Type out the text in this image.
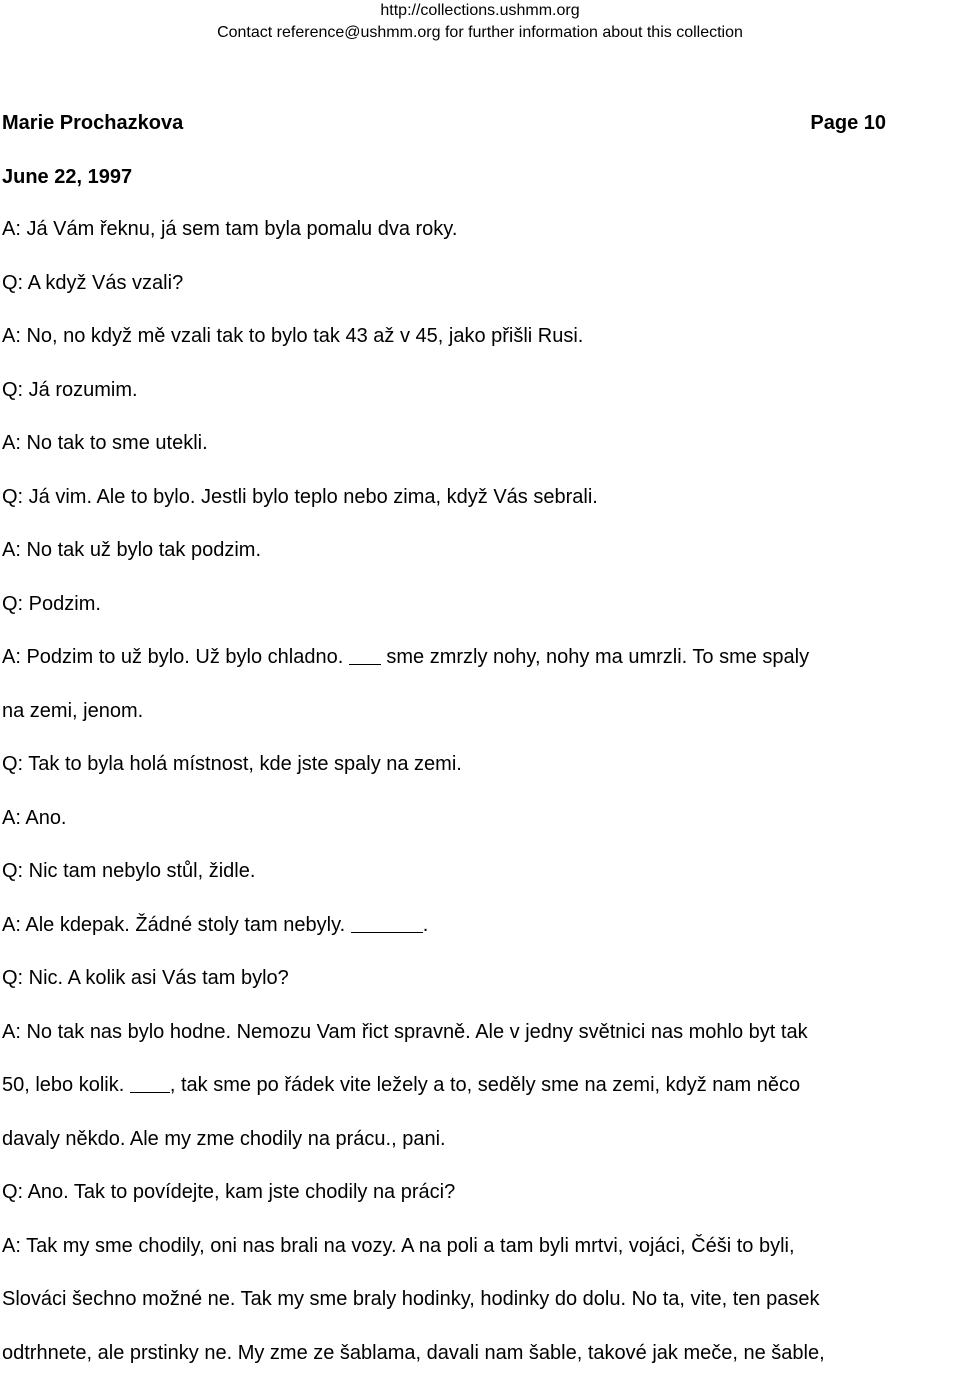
http://collections.ushmm.org
Contact reference@ushmm.org for further information about this collection
Marie Prochazkova	Page 10
June 22, 1997
A: Já Vám řeknu, já sem tam byla pomalu dva roky.
Q: A když Vás vzali?
A: No, no když mě vzali tak to bylo tak 43 až v 45, jako přišli Rusi.
Q: Já rozumim.
A: No tak to sme utekli.
Q: Já vim. Ale to bylo. Jestli bylo teplo nebo zima, když Vás sebrali.
A: No tak už bylo tak podzim.
Q: Podzim.
A: Podzim to už bylo. Už bylo chladno.  sme zmrzly nohy, nohy ma umrzli. To sme spaly
na zemi, jenom.
Q: Tak to byla holá místnost, kde jste spaly na zemi.
A: Ano.
Q: Nic tam nebylo stůl, židle.
A: Ale kdepak. Žádné stoly tam nebyly.	.
Q: Nic. A kolik asi Vás tam bylo?
A: No tak nas bylo hodne. Nemozu Vam řict spravně. Ale v jedny světnici nas mohlo byt tak
50, lebo kolik. , tak sme po řádek vite ležely a to, seděly sme na zemi, když nam něco
davaly někdo. Ale my zme chodily na prácu., pani.
Q: Ano. Tak to povídejte, kam jste chodily na práci?
A: Tak my sme chodily, oni nas brali na vozy. A na poli a tam byli mrtvi, vojáci, Čéši to byli,
Slováci šechno možné ne. Tak my sme braly hodinky, hodinky do dolu. No ta, vite, ten pasek
odtrhnete, ale prstinky ne. My zme ze šablama, davali nam šable, takové jak meče, ne šable,
